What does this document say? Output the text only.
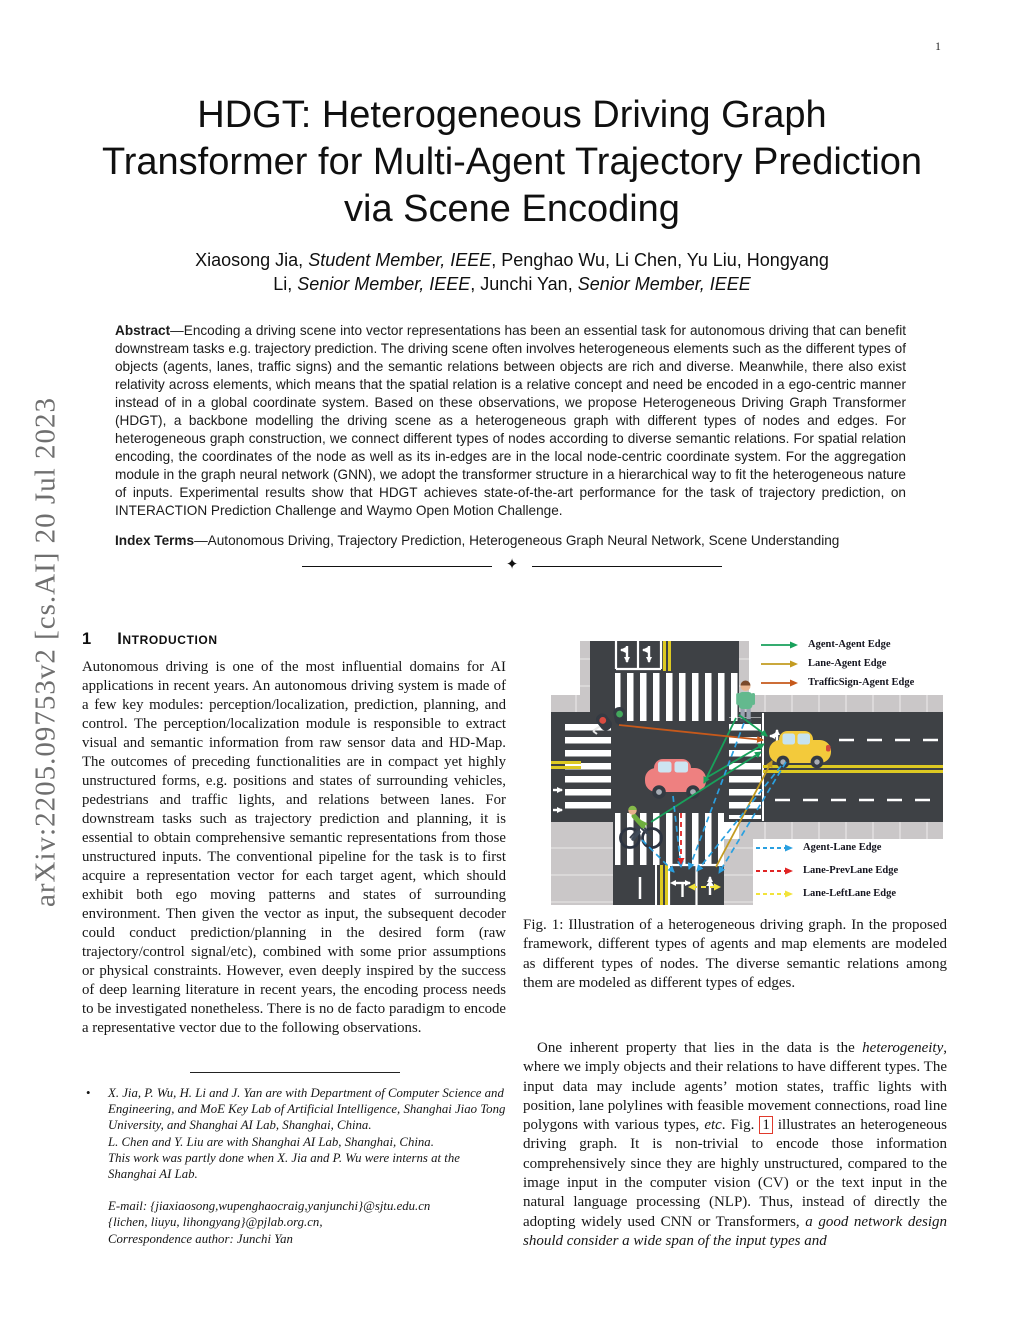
1
arXiv:2205.09753v2 [cs.AI] 20 Jul 2023
HDGT: Heterogeneous Driving Graph
Transformer for Multi-Agent Trajectory Prediction
via Scene Encoding
Xiaosong Jia, Student Member, IEEE, Penghao Wu, Li Chen, Yu Liu, Hongyang
Li, Senior Member, IEEE, Junchi Yan, Senior Member, IEEE
Abstract—Encoding a driving scene into vector representations has been an essential task for autonomous driving that can benefit downstream tasks e.g. trajectory prediction. The driving scene often involves heterogeneous elements such as the different types of objects (agents, lanes, traffic signs) and the semantic relations between objects are rich and diverse. Meanwhile, there also exist relativity across elements, which means that the spatial relation is a relative concept and need be encoded in a ego-centric manner instead of in a global coordinate system. Based on these observations, we propose Heterogeneous Driving Graph Transformer (HDGT), a backbone modelling the driving scene as a heterogeneous graph with different types of nodes and edges. For heterogeneous graph construction, we connect different types of nodes according to diverse semantic relations. For spatial relation encoding, the coordinates of the node as well as its in-edges are in the local node-centric coordinate system. For the aggregation module in the graph neural network (GNN), we adopt the transformer structure in a hierarchical way to fit the heterogeneous nature of inputs. Experimental results show that HDGT achieves state-of-the-art performance for the task of trajectory prediction, on INTERACTION Prediction Challenge and Waymo Open Motion Challenge.
Index Terms—Autonomous Driving, Trajectory Prediction, Heterogeneous Graph Neural Network, Scene Understanding
✦
1 Introduction
Autonomous driving is one of the most influential domains for AI applications in recent years. An autonomous driving system is made of a few key modules: perception/localization, prediction, planning, and control. The perception/localization module is responsible to extract visual and semantic information from raw sensor data and HD-Map. The outcomes of preceding functionalities are in compact yet highly unstructured forms, e.g. positions and states of surrounding vehicles, pedestrians and traffic lights, and relations between lanes. For downstream tasks such as trajectory prediction and planning, it is essential to obtain comprehensive semantic representations from those unstructured inputs. The conventional pipeline for the task is to first acquire a representation vector for each target agent, which should exhibit both ego moving patterns and states of surrounding environment. Then given the vector as input, the subsequent decoder could conduct prediction/planning in the desired form (raw trajectory/control signal/etc), combined with some prior assumptions or physical constraints. However, even deeply inspired by the success of deep learning literature in recent years, the encoding process needs to be investigated nonetheless. There is no de facto paradigm to encode a representative vector due to the following observations.
•	X. Jia, P. Wu, H. Li and J. Yan are with Department of Computer Science and Engineering, and MoE Key Lab of Artificial Intelligence, Shanghai Jiao Tong University, and Shanghai AI Lab, Shanghai, China.
L. Chen and Y. Liu are with Shanghai AI Lab, Shanghai, China.
This work was partly done when X. Jia and P. Wu were interns at the Shanghai AI Lab.
E-mail: {jiaxiaosong,wupenghaocraig,yanjunchi}@sjtu.edu.cn
{lichen, liuyu, lihongyang}@pjlab.org.cn,
Correspondence author: Junchi Yan
Agent-Agent Edge
Lane-Agent Edge
TrafficSign-Agent Edge
Agent-Lane Edge
Lane-PrevLane Edge
Lane-LeftLane Edge
Fig. 1: Illustration of a heterogeneous driving graph. In the proposed framework, different types of agents and map elements are modeled as different types of nodes. The diverse semantic relations among them are modeled as different types of edges.
One inherent property that lies in the data is the heterogeneity, where we imply objects and their relations to have different types. The input data may include agents’ motion states, traffic lights with position, lane polylines with feasible movement connections, road line polygons with various types, etc. Fig. 1 illustrates an heterogeneous driving graph. It is non-trivial to encode those information comprehensively since they are highly unstructured, compared to the image input in the computer vision (CV) or the text input in the natural language processing (NLP). Thus, instead of directly the adopting widely used CNN or Transformers, a good network design should consider a wide span of the input types and
